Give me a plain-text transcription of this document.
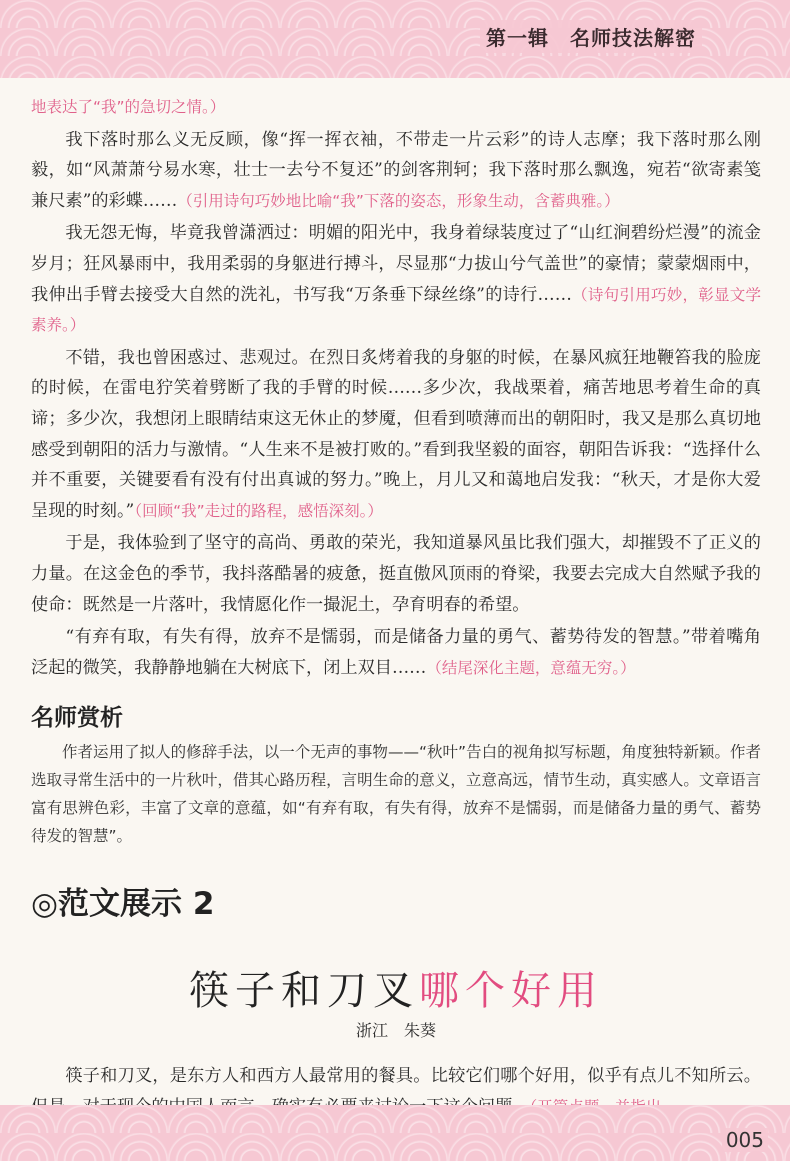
第一辑　名师技法解密

地表达了“我”的急切之情。）

我下落时那么义无反顾，像“挥一挥衣袖，不带走一片云彩”的诗人志摩；我下落时那么刚毅，如“风萧萧兮易水寒，壮士一去兮不复还”的剑客荆轲；我下落时那么飘逸，宛若“欲寄素笺兼尺素”的彩蝶……（引用诗句巧妙地比喻“我”下落的姿态，形象生动，含蓄典雅。）

我无怨无悔，毕竟我曾潇洒过：明媚的阳光中，我身着绿装度过了“山红涧碧纷烂漫”的流金岁月；狂风暴雨中，我用柔弱的身躯进行搏斗，尽显那“力拔山兮气盖世”的豪情；蒙蒙烟雨中，我伸出手臂去接受大自然的洗礼，书写我“万条垂下绿丝绦”的诗行……（诗句引用巧妙，彰显文学素养。）

不错，我也曾困惑过、悲观过。在烈日炙烤着我的身躯的时候，在暴风疯狂地鞭笞我的脸庞的时候，在雷电狞笑着劈断了我的手臂的时候……多少次，我战栗着，痛苦地思考着生命的真谛；多少次，我想闭上眼睛结束这无休止的梦魇，但看到喷薄而出的朝阳时，我又是那么真切地感受到朝阳的活力与激情。“人生来不是被打败的。”看到我坚毅的面容，朝阳告诉我：“选择什么并不重要，关键要看有没有付出真诚的努力。”晚上，月儿又和蔼地启发我：“秋天，才是你大爱呈现的时刻。”（回顾“我”走过的路程，感悟深刻。）

于是，我体验到了坚守的高尚、勇敢的荣光，我知道暴风虽比我们强大，却摧毁不了正义的力量。在这金色的季节，我抖落酷暑的疲惫，挺直傲风顶雨的脊梁，我要去完成大自然赋予我的使命：既然是一片落叶，我情愿化作一撮泥土，孕育明春的希望。

“有弃有取，有失有得，放弃不是懦弱，而是储备力量的勇气、蓄势待发的智慧。”带着嘴角泛起的微笑，我静静地躺在大树底下，闭上双目……（结尾深化主题，意蕴无穷。）

名师赏析

作者运用了拟人的修辞手法，以一个无声的事物——“秋叶”告白的视角拟写标题，角度独特新颖。作者选取寻常生活中的一片秋叶，借其心路历程，言明生命的意义，立意高远，情节生动，真实感人。文章语言富有思辨色彩，丰富了文章的意蕴，如“有弃有取，有失有得，放弃不是懦弱，而是储备力量的勇气、蓄势待发的智慧”。

◎范文展示 2
筷子和刀叉哪个好用
浙江　朱葵

筷子和刀叉，是东方人和西方人最常用的餐具。比较它们哪个好用，似乎有点儿不知所云。

005
